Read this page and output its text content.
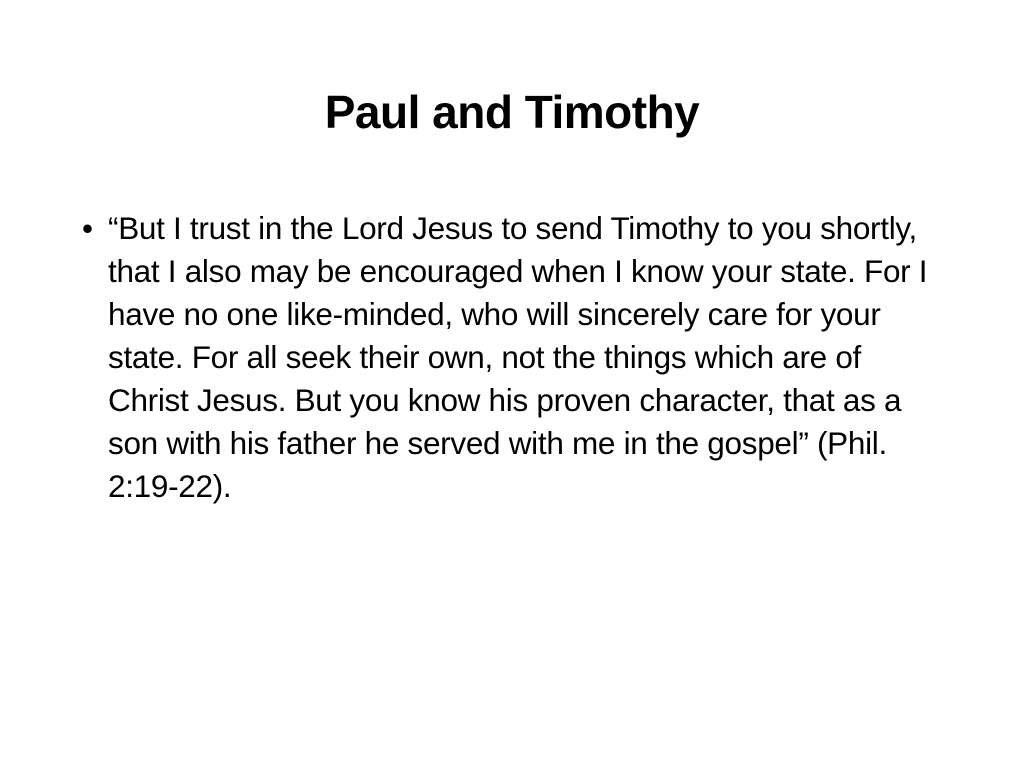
Paul and Timothy
• “But I trust in the Lord Jesus to send Timothy to you shortly, that I also may be encouraged when I know your state. For I have no one like-minded, who will sincerely care for your state. For all seek their own, not the things which are of Christ Jesus. But you know his proven character, that as a son with his father he served with me in the gospel” (Phil. 2:19-22).
